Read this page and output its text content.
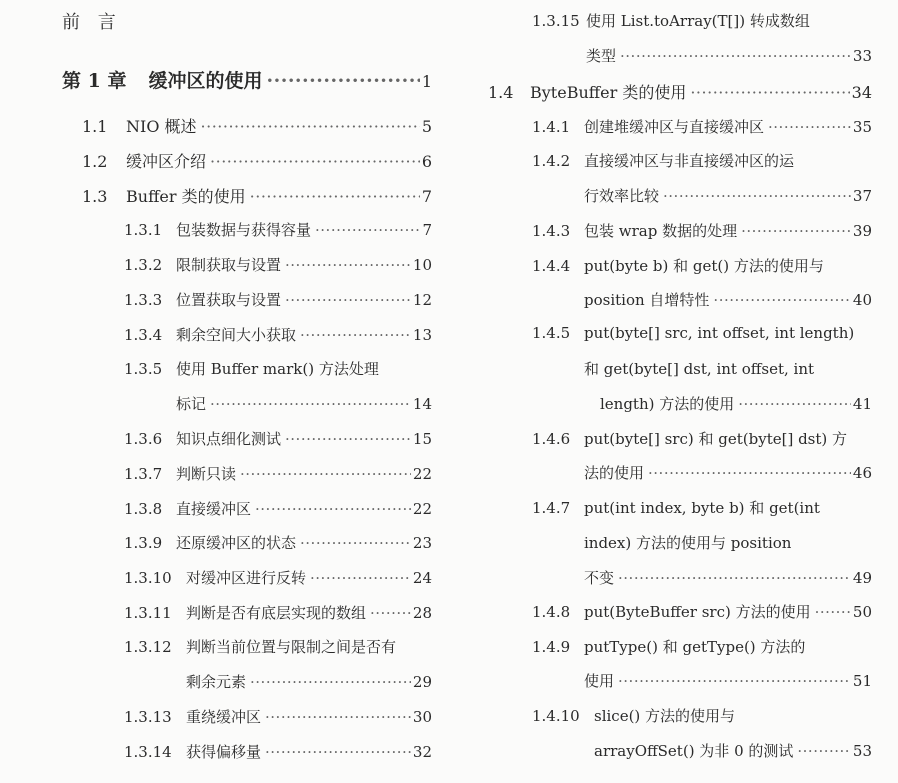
前 言
第 1 章 缓冲区的使用 ·····	1
1.1	NIO 概述 ·····	5
1.2	缓冲区介绍 ·····	6
1.3	Buffer 类的使用 ·····	7
1.3.1 包装数据与获得容量 ·····	7
1.3.2 限制获取与设置 ·····	10
1.3.3 位置获取与设置 ·····	12
1.3.4 剩余空间大小获取 ·····	13
1.3.5 使用 Buffer mark() 方法处理
标记 ·····	14
1.3.6 知识点细化测试 ·····	15
1.3.7 判断只读 ·····	22
1.3.8 直接缓冲区 ·····	22
1.3.9 还原缓冲区的状态 ·····	23
1.3.10 对缓冲区进行反转 ·····	24
1.3.11 判断是否有底层实现的数组 ·····	28
1.3.12 判断当前位置与限制之间是否有
剩余元素 ·····	29
1.3.13 重绕缓冲区 ·····	30
1.3.14 获得偏移量 ·····	32
1.3.15 使用 List.toArray(T[]) 转成数组
类型 ·····	33
1.4	ByteBuffer 类的使用 ·····	34
1.4.1 创建堆缓冲区与直接缓冲区 ·····	35
1.4.2 直接缓冲区与非直接缓冲区的运
行效率比较 ·····	37
1.4.3 包装 wrap 数据的处理 ·····	39
1.4.4 put(byte b) 和 get() 方法的使用与
position 自增特性 ·····	40
1.4.5 put(byte[] src, int offset, int length)
和 get(byte[] dst, int offset, int
length) 方法的使用 ·····	41
1.4.6 put(byte[] src) 和 get(byte[] dst) 方
法的使用 ·····	46
1.4.7 put(int index, byte b) 和 get(int
index) 方法的使用与 position
不变 ·····	49
1.4.8 put(ByteBuffer src) 方法的使用 ·····	50
1.4.9 putType() 和 getType() 方法的
使用 ·····	51
1.4.10 slice() 方法的使用与
arrayOffSet() 为非 0 的测试 ·····	53
